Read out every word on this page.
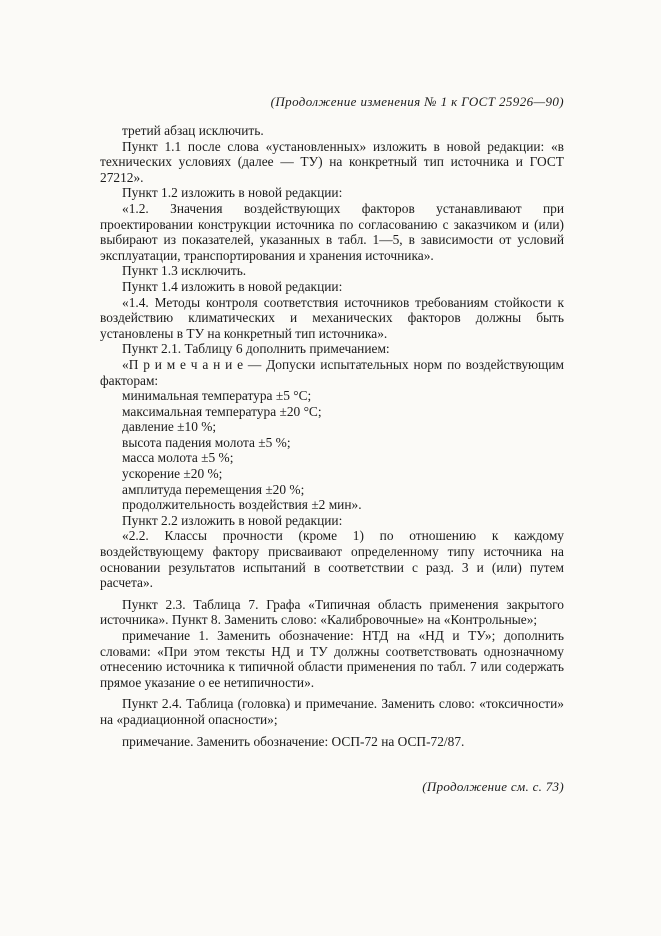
(Продолжение изменения № 1 к ГОСТ 25926—90)

третий абзац исключить.

Пункт 1.1 после слова «установленных» изложить в новой редакции: «в технических условиях (далее — ТУ) на конкретный тип источника и ГОСТ 27212».

Пункт 1.2 изложить в новой редакции:

«1.2. Значения воздействующих факторов устанавливают при проектировании конструкции источника по согласованию с заказчиком и (или) выбирают из показателей, указанных в табл. 1—5, в зависимости от условий эксплуатации, транспортирования и хранения источника».

Пункт 1.3 исключить.

Пункт 1.4 изложить в новой редакции:

«1.4. Методы контроля соответствия источников требованиям стойкости к воздействию климатических и механических факторов должны быть установлены в ТУ на конкретный тип источника».

Пункт 2.1. Таблицу 6 дополнить примечанием:

«П р и м е ч а н и е — Допуски испытательных норм по воздействующим факторам:

минимальная температура ±5 °С;

максимальная температура ±20 °С;

давление ±10 %;

высота падения молота ±5 %;

масса молота ±5 %;

ускорение ±20 %;

амплитуда перемещения ±20 %;

продолжительность воздействия ±2 мин».

Пункт 2.2 изложить в новой редакции:

«2.2. Классы прочности (кроме 1) по отношению к каждому воздействующему фактору присваивают определенному типу источника на основании результатов испытаний в соответствии с разд. 3 и (или) путем расчета».

Пункт 2.3. Таблица 7. Графа «Типичная область применения закрытого источника». Пункт 8. Заменить слово: «Калибровочные» на «Контрольные»;

примечание 1. Заменить обозначение: НТД на «НД и ТУ»; дополнить словами: «При этом тексты НД и ТУ должны соответствовать однозначному отнесению источника к типичной области применения по табл. 7 или содержать прямое указание о ее нетипичности».

Пункт 2.4. Таблица (головка) и примечание. Заменить слово: «токсичности» на «радиационной опасности»;

примечание. Заменить обозначение: ОСП-72 на ОСП-72/87.

(Продолжение см. с. 73)
